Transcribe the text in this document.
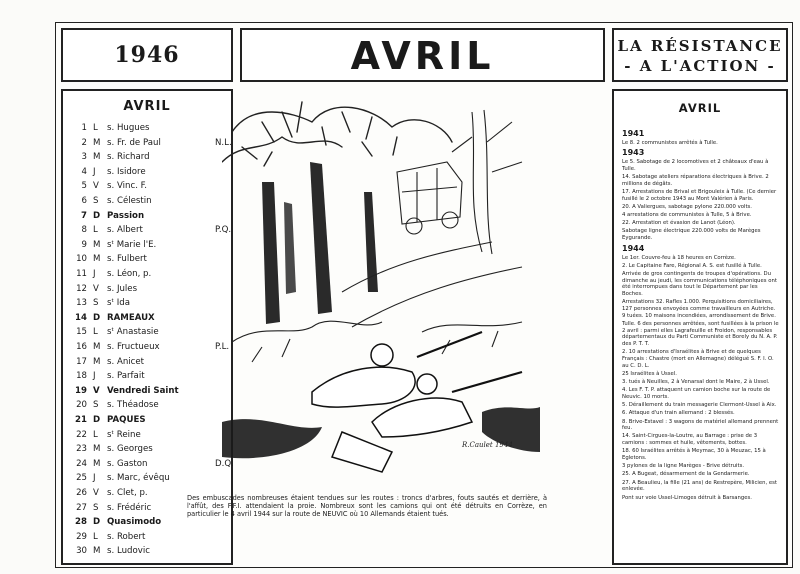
1946	AVRIL	LA RÉSISTANCE
- A L'ACTION -
AVRIL
1 L s. Hugues
2 M s. Fr. de Paul	N.L.
3 M s. Richard
4 J s. Isidore
5 V s. Vinc. F.
6 S s. Célestin
7 D Passion
8 L s. Albert	P.Q.
9 M sᵗ Marie l'E.
10 M s. Fulbert
11 J s. Léon, p.
12 V s. Jules
13 S sᵗ Ida
14 D RAMEAUX
15 L sᵗ Anastasie
16 M s. Fructueux	P.L.
17 M s. Anicet
18 J s. Parfait
19 V Vendredi Saint
20 S s. Théadose
21 D PAQUES
22 L sᵗ Reine
23 M s. Georges
24 M s. Gaston	D.Q.
25 J s. Marc, évêqu
26 V s. Clet, p.
27 S s. Frédéric
28 D Quasimodo
29 L s. Robert
30 M s. Ludovic
AVRIL
1941

Le 8. 2 communistes arrêtés à Tulle.

1943

Le 5. Sabotage de 2 locomotives et 2 châteaux d'eau à Tulle.

14. Sabotage ateliers réparations électriques à Brive. 2 millions de dégâts.

17. Arrestations de Brival et Brigouleix à Tulle. (Ce dernier fusillé le 2 octobre 1943 au Mont Valérien à Paris.

20. A Valiergues, sabotage pylone 220.000 volts.

4 arrestations de communistes à Tulle, 5 à Brive.

22. Arrestation et évasion de Lanot (Léon).

Sabotage ligne électrique 220.000 volts de Marèges Eygurande.

1944

Le 1er. Couvre-feu à 18 heures en Corrèze.

2. Le Capitaine Fare, Régional A. S. est fusillé à Tulle.

Arrivée de gros contingents de troupes d'opérations. Du dimanche au jeudi, les communications téléphoniques ont été interrompues dans tout le Département par les Boches.

Arrestations 32. Rafles 1.000. Perquisitions domiciliaires, 127 personnes envoyées comme travailleurs en Autriche. 9 tuées. 10 maisons incendiées, arrondissement de Brive.

Tulle. 6 des personnes arrêtées, sont fusillées à la prison le 2 avril : parmi elles Lagrafeuille et Froidon, responsables départementaux du Parti Communiste et Borely du N. A. P. des P. T. T.

2. 10 arrestations d'Israélites à Brive et de quelques Français : Chastre (mort en Allemagne) délégué S. F. I. O. au C. D. L.

25 Israélites à Ussel.

3. tués à Neuilles, 2 à Venarsal dont le Maire, 2 à Ussel.

4. Les F. T. P. attaquent un camion boche sur la route de Neuvic. 10 morts.

5. Déraillement du train messagerie Clermont-Ussel à Aix.

6. Attaque d'un train allemand : 2 blessés.

8. Brive-Estavel : 3 wagons de matériel allemand prennent feu.

14. Saint-Cirgues-la-Loutre, au Barrage : prise de 3 camions : sommes et huile, vêtements, bottes.

18. 60 Israélites arrêtés à Meymac, 30 à Meuzac, 15 à Egletons.

3 pylones de la ligne Marèges - Brive détruits.

25. A Bugeat, désarmement de la Gendarmerie.

27. A Beaulieu, la fille (21 ans) de Restrepère, Milicien, est enlevée.

Pont sur voie Ussel-Limoges détruit à Barsanges.

R.Caulet 1944
Des embuscades nombreuses étaient tendues sur les routes : troncs d'arbres, fouts sautés et derrière, à l'affût, des F.F.I. attendaient la proie. Nombreux sont les camions qui ont été détruits en Corrèze, en particulier le 4 avril 1944 sur la route de NEUVIC où 10 Allemands étaient tués.
